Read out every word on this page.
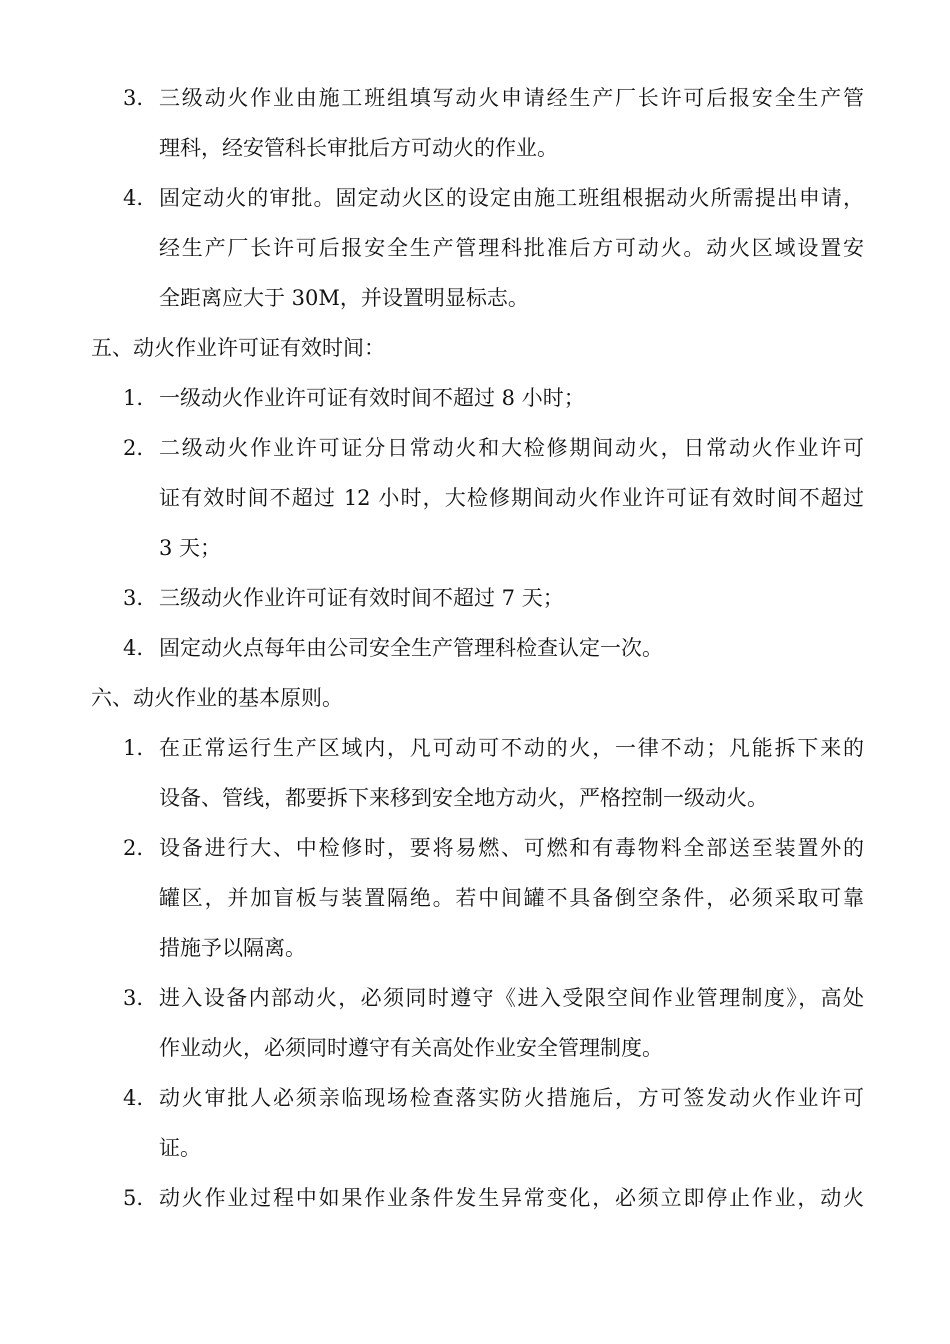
3. 三级动火作业由施工班组填写动火申请经生产厂长许可后报安全生产管
理科，经安管科长审批后方可动火的作业。
4. 固定动火的审批。固定动火区的设定由施工班组根据动火所需提出申请，
经生产厂长许可后报安全生产管理科批准后方可动火。动火区域设置安
全距离应大于 30M，并设置明显标志。
五、动火作业许可证有效时间：
1. 一级动火作业许可证有效时间不超过 8 小时；
2. 二级动火作业许可证分日常动火和大检修期间动火，日常动火作业许可
证有效时间不超过 12 小时，大检修期间动火作业许可证有效时间不超过
3 天；
3. 三级动火作业许可证有效时间不超过 7 天；
4. 固定动火点每年由公司安全生产管理科检查认定一次。
六、动火作业的基本原则。
1. 在正常运行生产区域内，凡可动可不动的火，一律不动；凡能拆下来的
设备、管线，都要拆下来移到安全地方动火，严格控制一级动火。
2. 设备进行大、中检修时，要将易燃、可燃和有毒物料全部送至装置外的
罐区，并加盲板与装置隔绝。若中间罐不具备倒空条件，必须采取可靠
措施予以隔离。
3. 进入设备内部动火，必须同时遵守《进入受限空间作业管理制度》，高处
作业动火，必须同时遵守有关高处作业安全管理制度。
4. 动火审批人必须亲临现场检查落实防火措施后，方可签发动火作业许可
证。
5. 动火作业过程中如果作业条件发生异常变化，必须立即停止作业，动火
